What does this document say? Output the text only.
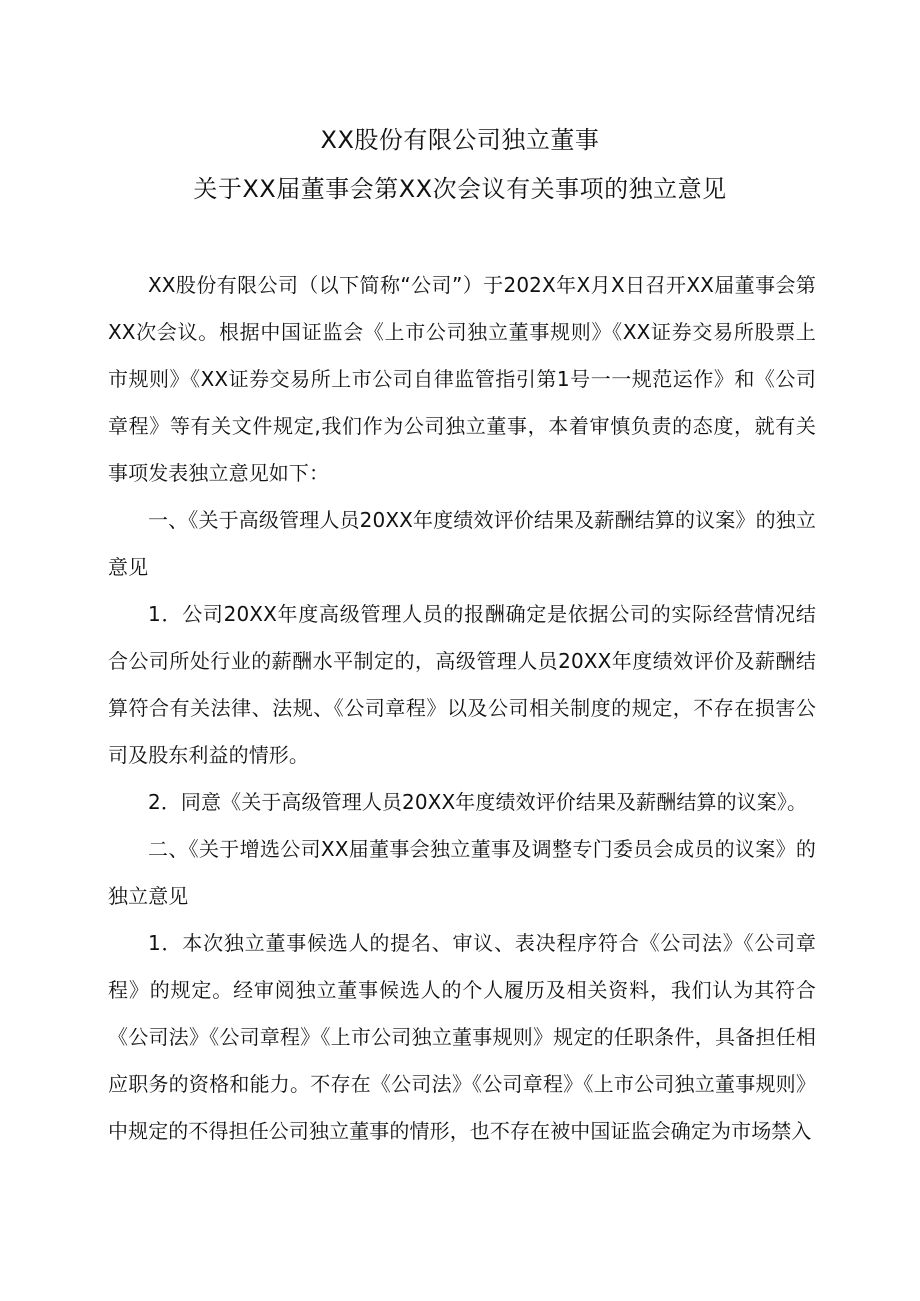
XX股份有限公司独立董事
关于XX届董事会第XX次会议有关事项的独立意见

XX股份有限公司（以下简称“公司”）于202X年X月X日召开XX届董事会第XX次会议。根据中国证监会《上市公司独立董事规则》《XX证券交易所股票上市规则》《XX证券交易所上市公司自律监管指引第1号一一规范运作》和《公司章程》等有关文件规定,我们作为公司独立董事，本着审慎负责的态度，就有关事项发表独立意见如下：

一、《关于高级管理人员20XX年度绩效评价结果及薪酬结算的议案》的独立意见

1．公司20XX年度高级管理人员的报酬确定是依据公司的实际经营情况结合公司所处行业的薪酬水平制定的，高级管理人员20XX年度绩效评价及薪酬结算符合有关法律、法规、《公司章程》以及公司相关制度的规定，不存在损害公司及股东利益的情形。

2．同意《关于高级管理人员20XX年度绩效评价结果及薪酬结算的议案》。

二、《关于增选公司XX届董事会独立董事及调整专门委员会成员的议案》的独立意见

1．本次独立董事候选人的提名、审议、表决程序符合《公司法》《公司章程》的规定。经审阅独立董事候选人的个人履历及相关资料，我们认为其符合《公司法》《公司章程》《上市公司独立董事规则》规定的任职条件，具备担任相应职务的资格和能力。不存在《公司法》《公司章程》《上市公司独立董事规则》中规定的不得担任公司独立董事的情形，也不存在被中国证监会确定为市场禁入
